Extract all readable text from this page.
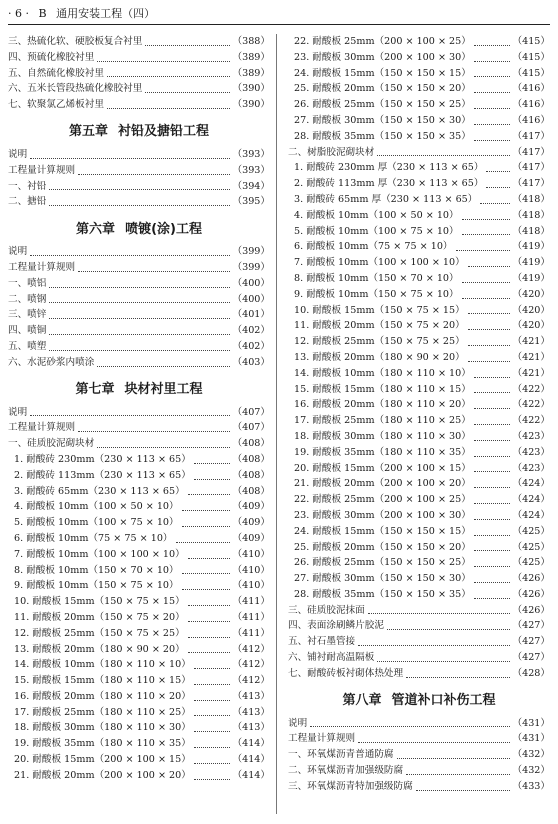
· 6 · B 通用安装工程（四）
三、热硫化软、硬胶板复合衬里	（388）
四、预硫化橡胶衬里	（389）
五、自然硫化橡胶衬里	（389）
六、五米长管段热硫化橡胶衬里	（390）
七、软聚氯乙烯板衬里	（390）
第五章 衬铅及搪铅工程
说明	（393）
工程量计算规则	（393）
一、衬铅	（394）
二、搪铅	（395）
第六章 喷镀(涂)工程
说明	（399）
工程量计算规则	（399）
一、喷铝	（400）
二、喷钢	（400）
三、喷锌	（401）
四、喷铜	（402）
五、喷塑	（402）
六、水泥砂浆内喷涂	（403）
第七章 块材衬里工程
说明	（407）
工程量计算规则	（407）
一、硅质胶泥砌块材	（408）
1. 耐酸砖 230mm（230 × 113 × 65）	（408）
2. 耐酸砖 113mm（230 × 113 × 65）	（408）
3. 耐酸砖 65mm（230 × 113 × 65）	（408）
4. 耐酸板 10mm（100 × 50 × 10）	（409）
5. 耐酸板 10mm（100 × 75 × 10）	（409）
6. 耐酸板 10mm（75 × 75 × 10）	（409）
7. 耐酸板 10mm（100 × 100 × 10）	（410）
8. 耐酸板 10mm（150 × 70 × 10）	（410）
9. 耐酸板 10mm（150 × 75 × 10）	（410）
10. 耐酸板 15mm（150 × 75 × 15）	（411）
11. 耐酸板 20mm（150 × 75 × 20）	（411）
12. 耐酸板 25mm（150 × 75 × 25）	（411）
13. 耐酸板 20mm（180 × 90 × 20）	（412）
14. 耐酸板 10mm（180 × 110 × 10）	（412）
15. 耐酸板 15mm（180 × 110 × 15）	（412）
16. 耐酸板 20mm（180 × 110 × 20）	（413）
17. 耐酸板 25mm（180 × 110 × 25）	（413）
18. 耐酸板 30mm（180 × 110 × 30）	（413）
19. 耐酸板 35mm（180 × 110 × 35）	（414）
20. 耐酸板 15mm（200 × 100 × 15）	（414）
21. 耐酸板 20mm（200 × 100 × 20）	（414）
22. 耐酸板 25mm（200 × 100 × 25）	（415）
23. 耐酸板 30mm（200 × 100 × 30）	（415）
24. 耐酸板 15mm（150 × 150 × 15）	（415）
25. 耐酸板 20mm（150 × 150 × 20）	（416）
26. 耐酸板 25mm（150 × 150 × 25）	（416）
27. 耐酸板 30mm（150 × 150 × 30）	（416）
28. 耐酸板 35mm（150 × 150 × 35）	（417）
二、树脂胶泥砌块材	（417）
1. 耐酸砖 230mm 厚（230 × 113 × 65）	（417）
2. 耐酸砖 113mm 厚（230 × 113 × 65）	（417）
3. 耐酸砖 65mm 厚（230 × 113 × 65）	（418）
4. 耐酸板 10mm（100 × 50 × 10）	（418）
5. 耐酸板 10mm（100 × 75 × 10）	（418）
6. 耐酸板 10mm（75 × 75 × 10）	（419）
7. 耐酸板 10mm（100 × 100 × 10）	（419）
8. 耐酸板 10mm（150 × 70 × 10）	（419）
9. 耐酸板 10mm（150 × 75 × 10）	（420）
10. 耐酸板 15mm（150 × 75 × 15）	（420）
11. 耐酸板 20mm（150 × 75 × 20）	（420）
12. 耐酸板 25mm（150 × 75 × 25）	（421）
13. 耐酸板 20mm（180 × 90 × 20）	（421）
14. 耐酸板 10mm（180 × 110 × 10）	（421）
15. 耐酸板 15mm（180 × 110 × 15）	（422）
16. 耐酸板 20mm（180 × 110 × 20）	（422）
17. 耐酸板 25mm（180 × 110 × 25）	（422）
18. 耐酸板 30mm（180 × 110 × 30）	（423）
19. 耐酸板 35mm（180 × 110 × 35）	（423）
20. 耐酸板 15mm（200 × 100 × 15）	（423）
21. 耐酸板 20mm（200 × 100 × 20）	（424）
22. 耐酸板 25mm（200 × 100 × 25）	（424）
23. 耐酸板 30mm（200 × 100 × 30）	（424）
24. 耐酸板 15mm（150 × 150 × 15）	（425）
25. 耐酸板 20mm（150 × 150 × 20）	（425）
26. 耐酸板 25mm（150 × 150 × 25）	（425）
27. 耐酸板 30mm（150 × 150 × 30）	（426）
28. 耐酸板 35mm（150 × 150 × 35）	（426）
三、硅质胶泥抹面	（426）
四、表面涂刷鳞片胶泥	（427）
五、衬石墨管接	（427）
六、铺衬耐高温隔板	（427）
七、耐酸砖板衬砌体热处理	（428）
第八章 管道补口补伤工程
说明	（431）
工程量计算规则	（431）
一、环氧煤沥青普通防腐	（432）
二、环氧煤沥青加强级防腐	（432）
三、环氧煤沥青特加强级防腐	（433）
